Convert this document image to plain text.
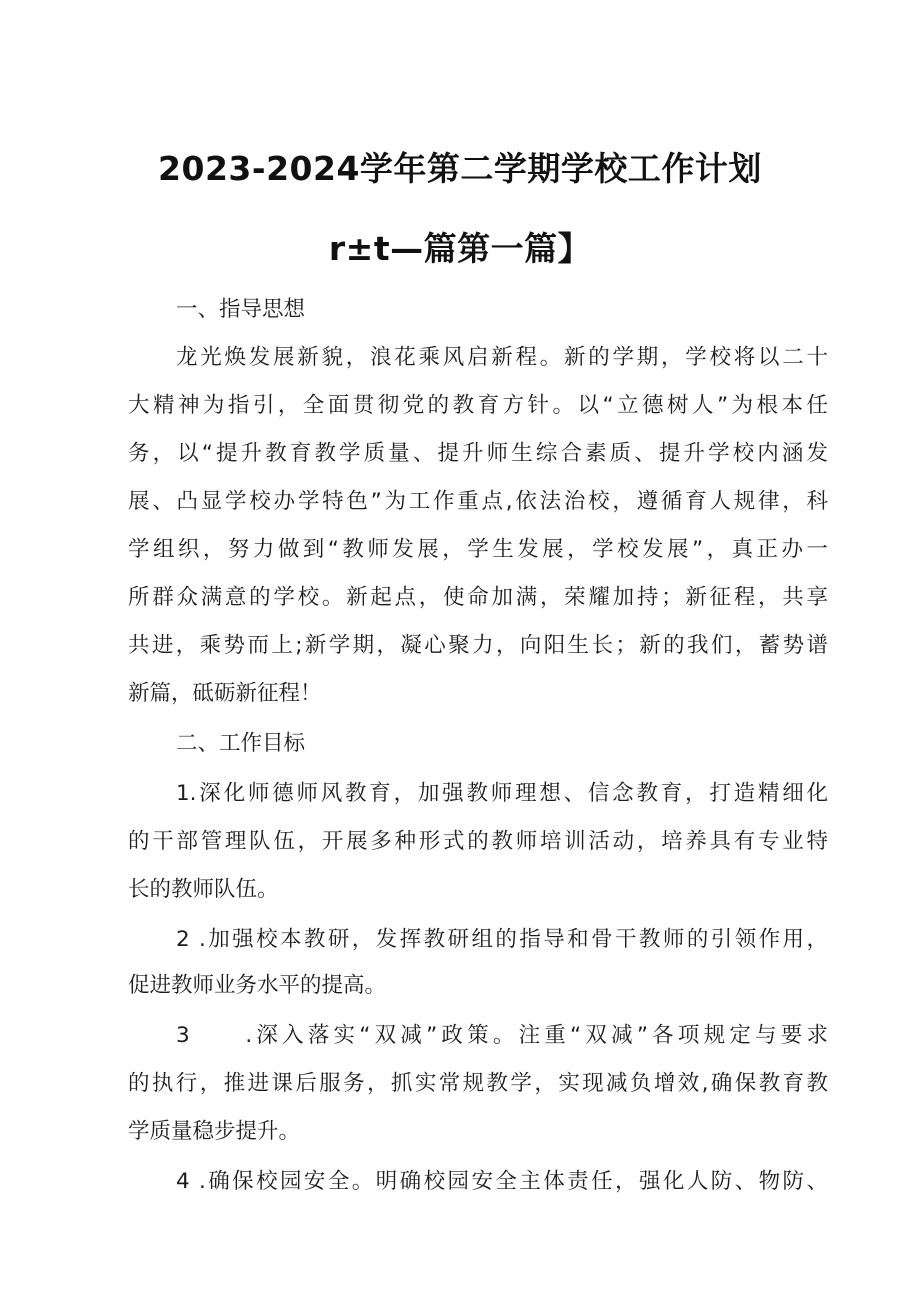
2023-2024学年第二学期学校工作计划
r±t—篇第一篇】
一、指导思想
龙光焕发展新貌，浪花乘风启新程。新的学期，学校将以二十
大精神为指引，全面贯彻党的教育方针。以“立德树人”为根本任
务，以“提升教育教学质量、提升师生综合素质、提升学校内涵发
展、凸显学校办学特色”为工作重点,依法治校，遵循育人规律，科
学组织，努力做到“教师发展，学生发展，学校发展”，真正办一
所群众满意的学校。新起点，使命加满，荣耀加持；新征程，共享
共进，乘势而上;新学期，凝心聚力，向阳生长；新的我们，蓄势谱
新篇，砥砺新征程！
二、工作目标
1.深化师德师风教育，加强教师理想、信念教育，打造精细化
的干部管理队伍，开展多种形式的教师培训活动，培养具有专业特
长的教师队伍。
2 .加强校本教研，发挥教研组的指导和骨干教师的引领作用，
促进教师业务水平的提高。
3　　.深入落实“双减”政策。注重“双减”各项规定与要求
的执行，推进课后服务，抓实常规教学，实现减负增效,确保教育教
学质量稳步提升。
4 .确保校园安全。明确校园安全主体责任，强化人防、物防、
